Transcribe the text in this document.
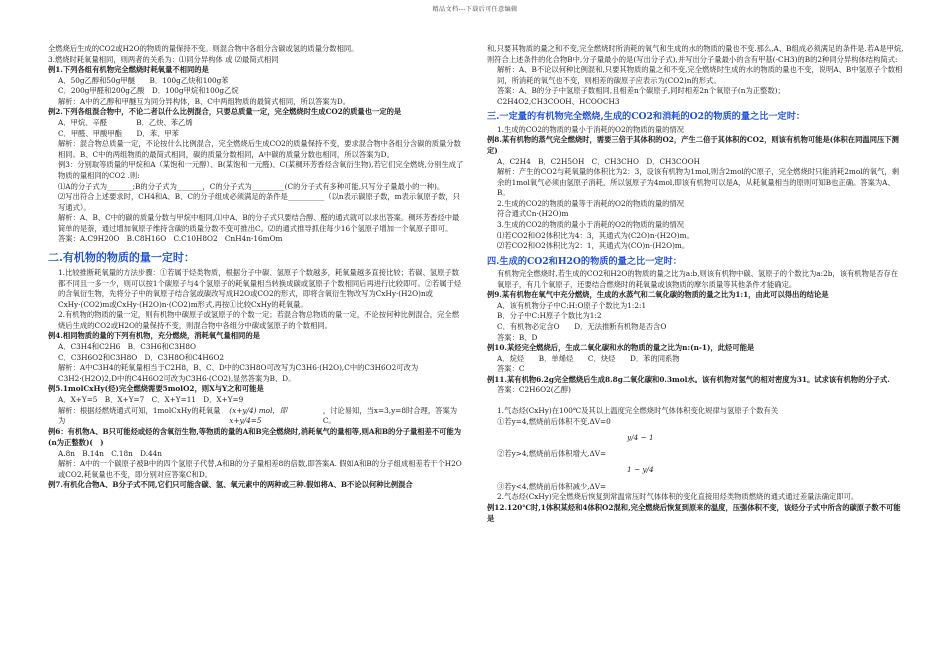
精品文档---下载后可任意编辑

全燃烧后生成的CO2或H2O的物质的量保持不变。则混合物中各组分含碳或氢的质量分数相同。

3.燃烧时耗氧量相同，则两者的关系为：⑴同分异构体 或 ⑵最简式相同

例1.下列各组有机物完全燃烧时耗氧量不相同的是

A．50g乙醇和50g甲醚　　B．100g乙炔和100g苯

C．200g甲醛和200g乙酸　D．100g甲烷和100g乙烷

解析：A中的乙醇和甲醚互为同分异构体，B、C中两组物质的最简式相同，所以答案为D。

例2.下列各组混合物中，不论二者以什么比例混合，只要总质量一定，完全燃烧时生成CO2的质量也一定的是

A．甲烷、辛醛　　　　B．乙炔、苯乙烯

C．甲醛、甲酸甲酯　　D．苯、甲苯

解析：混合物总质量一定，不论按什么比例混合，完全燃烧后生成CO2的质量保持不变，要求混合物中各组分含碳的质量分数相同。B、C中的两组物质的最简式相同，碳的质量分数相同，A中碳的质量分数也相同，所以答案为D。

例3：分别取等质量的甲烷和A（某饱和一元醇）、B(某饱和一元醛)、C(某稠环芳香烃含氧衍生物),若它们完全燃烧,分别生成了物质的量相同的CO2 .则:

⑴A的分子式为_______;B的分子式为_______，C的分子式为_________(C的分子式有多种可能,只写分子量最小的一种)。

⑵写出符合上述要求时，CH4和A、B、C的分子组成必须满足的条件是__________（以n表示碳原子数，m表示氧原子数，只写通式）。

解析：A、B、C中的碳的质量分数与甲烷中相同,⑴中A、B的分子式只要结合醇、醛的通式就可以求出答案。稠环芳香烃中最简单的是萘，通过增加氧原子维持含碳的质量分数不变可推出C。⑵的通式推导抓住每少16个氢原子增加一个氧原子即可。

答案：A.C9H20O　B.C8H16O　C.C10H8O2　CnH4n-16mOm

二.有机物的物质的量一定时：

1.比较推断耗氧量的方法步骤：①若属于烃类物质，根据分子中碳、氢原子个数越多，耗氧量越多直接比较；若碳、氢原子数都不同且一多一少，则可以按1个碳原子与4个氢原子的耗氧量相当转换成碳或氢原子个数相同后再进行比较即可。②若属于烃的含氧衍生物，先将分子中的氧原子结合氢或碳改写成H2O或CO2的形式，即将含氧衍生物改写为CxHy·(H2O)n或CxHy·(CO2)m或CxHy·(H2O)n·(CO2)m形式,再按①比较CxHy的耗氧量。

2.有机物的物质的量一定，则有机物中碳原子或氢原子的个数一定；若混合物总物质的量一定，不论按何种比例混合，完全燃烧后生成的CO2或H2O的量保持不变，则混合物中各组分中碳或氢原子的个数相同。

例4.相同物质的量的下列有机物，充分燃烧，消耗氧气量相同的是

A．C3H4和C2H6　B．C3H6和C3H8O

C．C3H6O2和C3H8O　D．C3H8O和C4H6O2

解析：A中C3H4的耗氧量相当于C2H8，B、C、D中的C3H8O可改写为C3H6·(H2O),C中的C3H6O2可改为C3H2·(H2O)2,D中的C4H6O2可改为C3H6·(CO2),显然答案为B、D。

例5.1molCxHy(烃)完全燃烧需要5molO2，则X与Y之和可能是

A．X+Y=5　B．X+Y=7　C．X+Y=11　D．X+Y=9

解析：根据烃燃烧通式可知，1molCxHy的耗氧量为
(x+y/4) mol，即x+y/4=5
，讨论易知，当x=3,y=8时合理，答案为C。

例6：有机物A、B只可能烃或烃的含氧衍生物,等物质的量的A和B完全燃烧时,消耗氧气的量相等,则A和B的分子量相差不可能为(n为正整数)(　)

A.8n　B.14n　C.18n　D.44n

解析：A中的一个碳原子被B中的四个氢原子代替,A和B的分子量相差8的倍数,即答案A. 假如A和B的分子组成相差若干个H2O或CO2,耗氧量也不变，即分别对应答案C和D。

例7.有机化合物A、B分子式不同,它们只可能含碳、氢、氧元素中的两种或三种.假如将A、B不论以何种比例混合

和,只要其物质的量之和不变,完全燃烧时所消耗的氧气和生成的水的物质的量也不变.那么,A、B组成必须满足的条件是.若A是甲烷,则符合上述条件的化合物B中,分子量最小的是(写出分子式),并写出分子量最小的含有甲基(-CH3)的B的2种同分异构体结构简式:

解析：A、B不论以何种比例混和,只要其物质的量之和不变,完全燃烧时生成的水的物质的量也不变，说明A、B中氢原子个数相同，所消耗的氧气也不变，则相差的碳原子应表示为(CO2)n的形式。

答案：A、B的分子中氢原子数相同,且相差n个碳原子,同时相差2n个氧原子(n为正整数)；

C2H4O2,CH3COOH、HCOOCH3

三.一定量的有机物完全燃烧,生成的CO2和消耗的O2的物质的量之比一定时：

1.生成的CO2的物质的量小于消耗的O2的物质的量的情况

例8.某有机物的蒸气完全燃烧时，需要三倍于其体积的O2，产生二倍于其体积的CO2，则该有机物可能是(体积在同温同压下测定)

A．C2H4　B．C2H5OH　C．CH3CHO　D．CH3COOH

解析：产生的CO2与耗氧量的体积比为2：3，设该有机物为1mol,则含2mol的C原子，完全燃烧时只能消耗2mol的氧气，剩余的1mol氧气必须由氢原子消耗，所以氢原子为4mol,即该有机物可以是A，从耗氧量相当的原则可知B也正确。答案为A、B。

2.生成的CO2的物质的量等于消耗的O2的物质的量的情况

符合通式Cn·(H2O)m

3.生成的CO2的物质的量小于消耗的O2的物质的量的情况

⑴若CO2和O2体积比为4：3，其通式为(C2O)n·(H2O)m。

⑵若CO2和O2体积比为2：1，其通式为(CO)n·(H2O)m。

四.生成的CO2和H2O的物质的量之比一定时：

有机物完全燃烧时,若生成的CO2和H2O的物质的量之比为a:b,则该有机物中碳、氢原子的个数比为a:2b，该有机物是否存在氧原子，有几个氧原子，还要结合燃烧时的耗氧量或该物质的摩尔质量等其他条件才能确定。

例9.某有机物在氧气中充分燃烧，生成的水蒸气和二氧化碳的物质的量之比为1:1，由此可以得出的结论是

A．该有机物分子中C:H:O原子个数比为1:2:1

B．分子中C:H原子个数比为1:2

C．有机物必定含O　　D．无法推断有机物是否含O

答案：B、D

例10.某烃完全燃烧后，生成二氧化碳和水的物质的量之比为n:(n-1)，此烃可能是

A．烷烃　　B．单烯烃　　C．炔烃　　D．苯的同系物

答案：C

例11.某有机物6.2g完全燃烧后生成8.8g二氧化碳和0.3mol水。该有机物对氢气的相对密度为31。试求该有机物的分子式.

答案：C2H6O2(乙醇)

1.气态烃(CxHy)在100℃及其以上温度完全燃烧时气体体积变化规律与氢原子个数有关

①若y=4,燃烧前后体积不变,ΔV=0

y/4 − 1

②若y>4,燃烧前后体积增大,ΔV=

1 − y/4

③若y<4,燃烧前后体积减少,ΔV=

2.气态烃(CxHy)完全燃烧后恢复到常温常压时气体体积的变化直接用烃类物质燃烧的通式通过差量法确定即可。

例12.120℃时,1体积某烃和4体积O2混和,完全燃烧后恢复到原来的温度，压强体积不变，该烃分子式中所含的碳原子数不可能是
